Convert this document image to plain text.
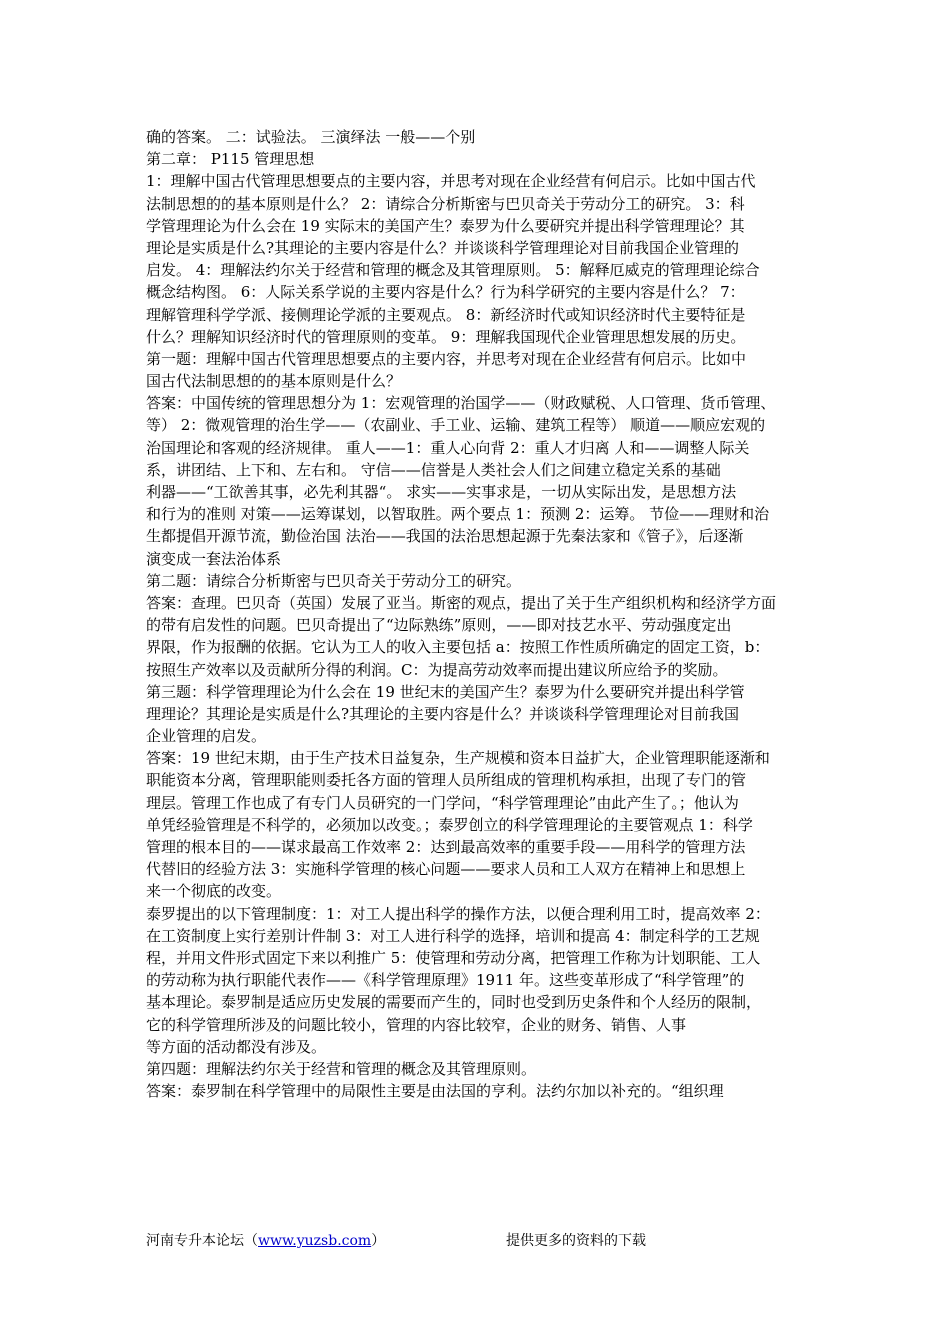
确的答案。 二：试验法。 三演绎法 一般——个别
第二章： P115 管理思想
1：理解中国古代管理思想要点的主要内容，并思考对现在企业经营有何启示。比如中国古代
法制思想的的基本原则是什么？ 2：请综合分析斯密与巴贝奇关于劳动分工的研究。 3：科
学管理理论为什么会在 19 实际末的美国产生？泰罗为什么要研究并提出科学管理理论？其
理论是实质是什么?其理论的主要内容是什么？并谈谈科学管理理论对目前我国企业管理的
启发。 4：理解法约尔关于经营和管理的概念及其管理原则。 5：解释厄威克的管理理论综合
概念结构图。 6：人际关系学说的主要内容是什么？行为科学研究的主要内容是什么？ 7：
理解管理科学学派、接侧理论学派的主要观点。 8：新经济时代或知识经济时代主要特征是
什么？理解知识经济时代的管理原则的变革。 9：理解我国现代企业管理思想发展的历史。
第一题：理解中国古代管理思想要点的主要内容，并思考对现在企业经营有何启示。比如中
国古代法制思想的的基本原则是什么？
答案：中国传统的管理思想分为 1：宏观管理的治国学——（财政赋税、人口管理、货币管理、
等） 2：微观管理的治生学——（农副业、手工业、运输、建筑工程等） 顺道——顺应宏观的
治国理论和客观的经济规律。 重人——1：重人心向背 2：重人才归离 人和——调整人际关
系，讲团结、上下和、左右和。 守信——信誉是人类社会人们之间建立稳定关系的基础
利器——“工欲善其事，必先利其器“。 求实——实事求是，一切从实际出发，是思想方法
和行为的准则 对策——运筹谋划，以智取胜。两个要点 1：预测 2：运筹。 节俭——理财和治
生都提倡开源节流，勤俭治国 法治——我国的法治思想起源于先秦法家和《管子》，后逐渐
演变成一套法治体系
第二题：请综合分析斯密与巴贝奇关于劳动分工的研究。
答案：查理。巴贝奇（英国）发展了亚当。斯密的观点，提出了关于生产组织机构和经济学方面
的带有启发性的问题。巴贝奇提出了“边际熟练”原则，——即对技艺水平、劳动强度定出
界限，作为报酬的依据。它认为工人的收入主要包括 a：按照工作性质所确定的固定工资，b：
按照生产效率以及贡献所分得的利润。C：为提高劳动效率而提出建议所应给予的奖励。
第三题：科学管理理论为什么会在 19 世纪末的美国产生？泰罗为什么要研究并提出科学管
理理论？其理论是实质是什么?其理论的主要内容是什么？并谈谈科学管理理论对目前我国
企业管理的启发。
答案：19 世纪末期，由于生产技术日益复杂，生产规模和资本日益扩大，企业管理职能逐渐和
职能资本分离，管理职能则委托各方面的管理人员所组成的管理机构承担，出现了专门的管
理层。管理工作也成了有专门人员研究的一门学问，“科学管理理论”由此产生了。；他认为
单凭经验管理是不科学的，必须加以改变。；泰罗创立的科学管理理论的主要管观点 1：科学
管理的根本目的——谋求最高工作效率 2：达到最高效率的重要手段——用科学的管理方法
代替旧的经验方法 3：实施科学管理的核心问题——要求人员和工人双方在精神上和思想上
来一个彻底的改变。
泰罗提出的以下管理制度：1：对工人提出科学的操作方法，以便合理利用工时，提高效率 2：
在工资制度上实行差别计件制 3：对工人进行科学的选择，培训和提高 4：制定科学的工艺规
程，并用文件形式固定下来以利推广 5：使管理和劳动分离，把管理工作称为计划职能、工人
的劳动称为执行职能代表作——《科学管理原理》1911 年。这些变革形成了“科学管理”的
基本理论。泰罗制是适应历史发展的需要而产生的，同时也受到历史条件和个人经历的限制，
它的科学管理所涉及的问题比较小，管理的内容比较窄，企业的财务、销售、人事
等方面的活动都没有涉及。
第四题：理解法约尔关于经营和管理的概念及其管理原则。
答案：泰罗制在科学管理中的局限性主要是由法国的亨利。法约尔加以补充的。“组织理
河南专升本论坛（www.yuzsb.com）	提供更多的资料的下载
